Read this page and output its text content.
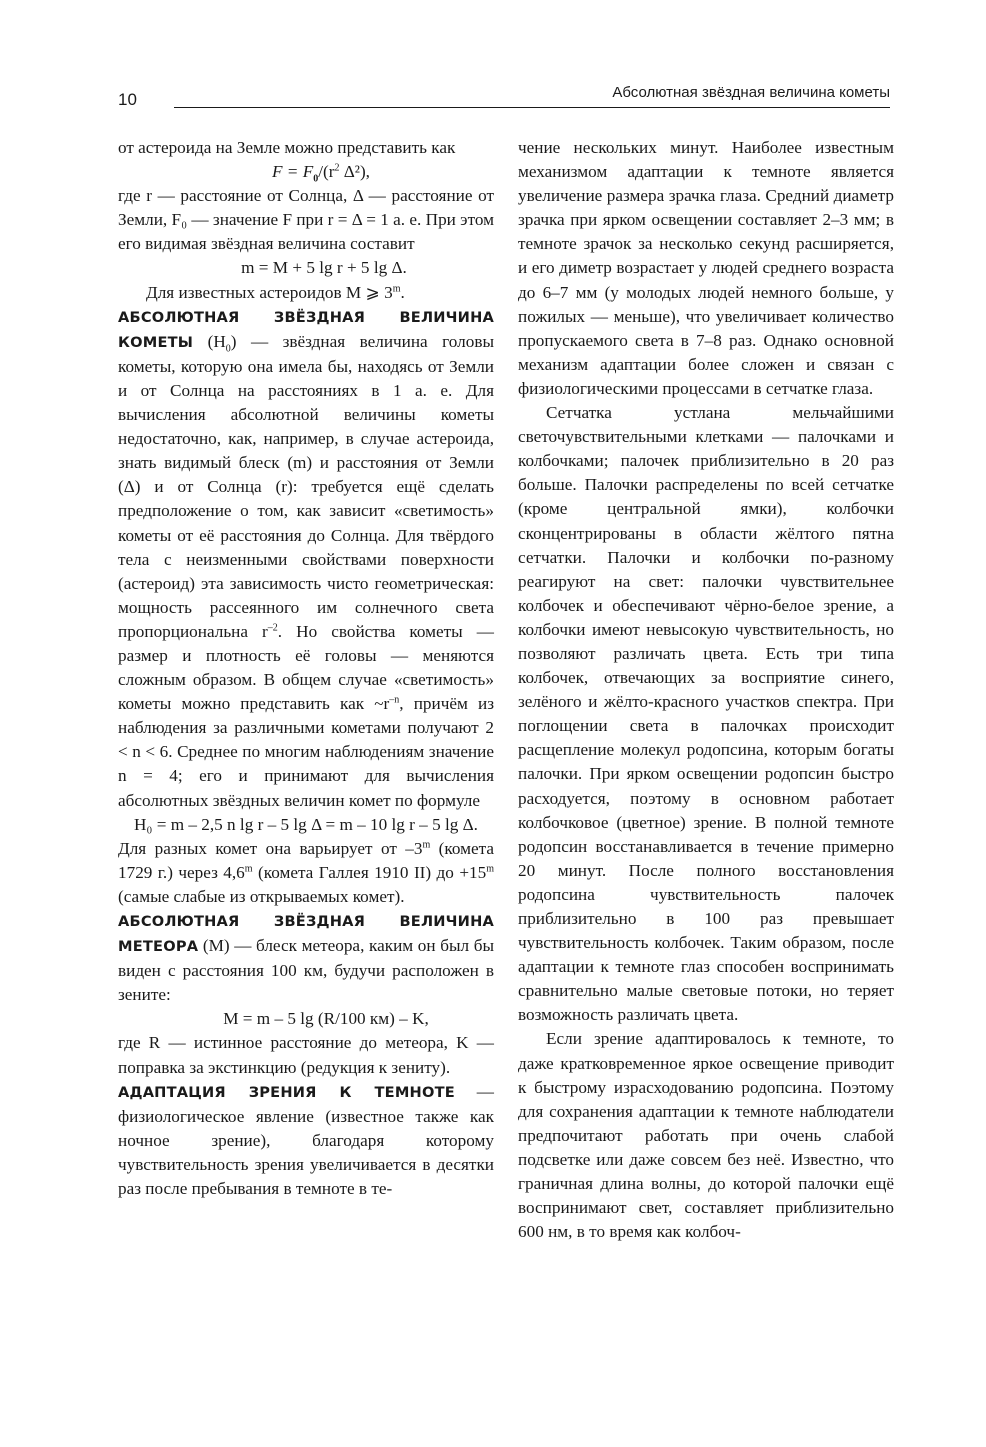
10	Абсолютная звёздная величина кометы

от астероида на Земле можно представить как

$F = F_0/(r^2$ Δ²),

где r — расстояние от Солнца, Δ — расстояние от Земли, F₀ — значение F при r = Δ = 1 а. е. При этом его видимая звёздная величина составит

m = M + 5 lg r + 5 lg Δ.

Для известных астероидов M ⩾ 3$^m$.

АБСОЛЮТНАЯ ЗВЁЗДНАЯ ВЕЛИЧИНА КОМЕТЫ $(H_0)$ — звёздная величина головы кометы, которую она имела бы, находясь от Земли и от Солнца на расстояниях в 1 а. е. Для вычисления абсолютной величины кометы недостаточно, как, например, в случае астероида, знать видимый блеск (m) и расстояния от Земли (Δ) и от Солнца (r): требуется ещё сделать предположение о том, как зависит «светимость» кометы от её расстояния до Солнца. Для твёрдого тела с неизменными свойствами поверхности (астероид) эта зависимость чисто геометрическая: мощность рассеянного им солнечного света пропорциональна $r^{-2}$. Но свойства кометы — размер и плотность её головы — меняются сложным образом. В общем случае «светимость» кометы можно представить как $\sim r^{-n}$, причём из наблюдения за различными кометами получают 2 < n < 6. Среднее по многим наблюдениям значение n = 4; его и принимают для вычисления абсолютных звёздных величин комет по формуле

H₀ = m – 2,5 n lg r – 5 lg Δ = m – 10 lg r – 5 lg Δ.

Для разных комет она варьирует от –3$^m$ (комета 1729 г.) через 4,6$^m$ (комета Галлея 1910 II) до $+15^m$ (самые слабые из открываемых комет).

АБСОЛЮТНАЯ ЗВЁЗДНАЯ ВЕЛИЧИНА МЕТЕОРА (M) — блеск метеора, каким он был бы виден с расстояния 100 км, будучи расположен в зените:

M = m – 5 lg (R/100 км) – K,

где R — истинное расстояние до метеора, K — поправка за экстинкцию (редукция к зениту).

АДАПТАЦИЯ ЗРЕНИЯ К ТЕМНОТЕ — физиологическое явление (известное также как ночное зрение), благодаря которому чувствительность зрения увеличивается в десятки раз после пребывания в темноте в те-

чение нескольких минут. Наиболее известным механизмом адаптации к темноте является увеличение размера зрачка глаза. Средний диаметр зрачка при ярком освещении составляет 2–3 мм; в темноте зрачок за несколько секунд расширяется, и его диметр возрастает у людей среднего возраста до 6–7 мм (у молодых людей немного больше, у пожилых — меньше), что увеличивает количество пропускаемого света в 7–8 раз. Однако основной механизм адаптации более сложен и связан с физиологическими процессами в сетчатке глаза.

Сетчатка устлана мельчайшими светочувствительными клетками — палочками и колбочками; палочек приблизительно в 20 раз больше. Палочки распределены по всей сетчатке (кроме центральной ямки), колбочки сконцентрированы в области жёлтого пятна сетчатки. Палочки и колбочки по-разному реагируют на свет: палочки чувствительнее колбочек и обеспечивают чёрно-белое зрение, а колбочки имеют невысокую чувствительность, но позволяют различать цвета. Есть три типа колбочек, отвечающих за восприятие синего, зелёного и жёлто-красного участков спектра. При поглощении света в палочках происходит расщепление молекул родопсина, которым богаты палочки. При ярком освещении родопсин быстро расходуется, поэтому в основном работает колбочковое (цветное) зрение. В полной темноте родопсин восстанавливается в течение примерно 20 минут. После полного восстановления родопсина чувствительность палочек приблизительно в 100 раз превышает чувствительность колбочек. Таким образом, после адаптации к темноте глаз способен воспринимать сравнительно малые световые потоки, но теряет возможность различать цвета.

Если зрение адаптировалось к темноте, то даже кратковременное яркое освещение приводит к быстрому израсходованию родопсина. Поэтому для сохранения адаптации к темноте наблюдатели предпочитают работать при очень слабой подсветке или даже совсем без неё. Известно, что граничная длина волны, до которой палочки ещё воспринимают свет, составляет приблизительно 600 нм, в то время как колбоч-
